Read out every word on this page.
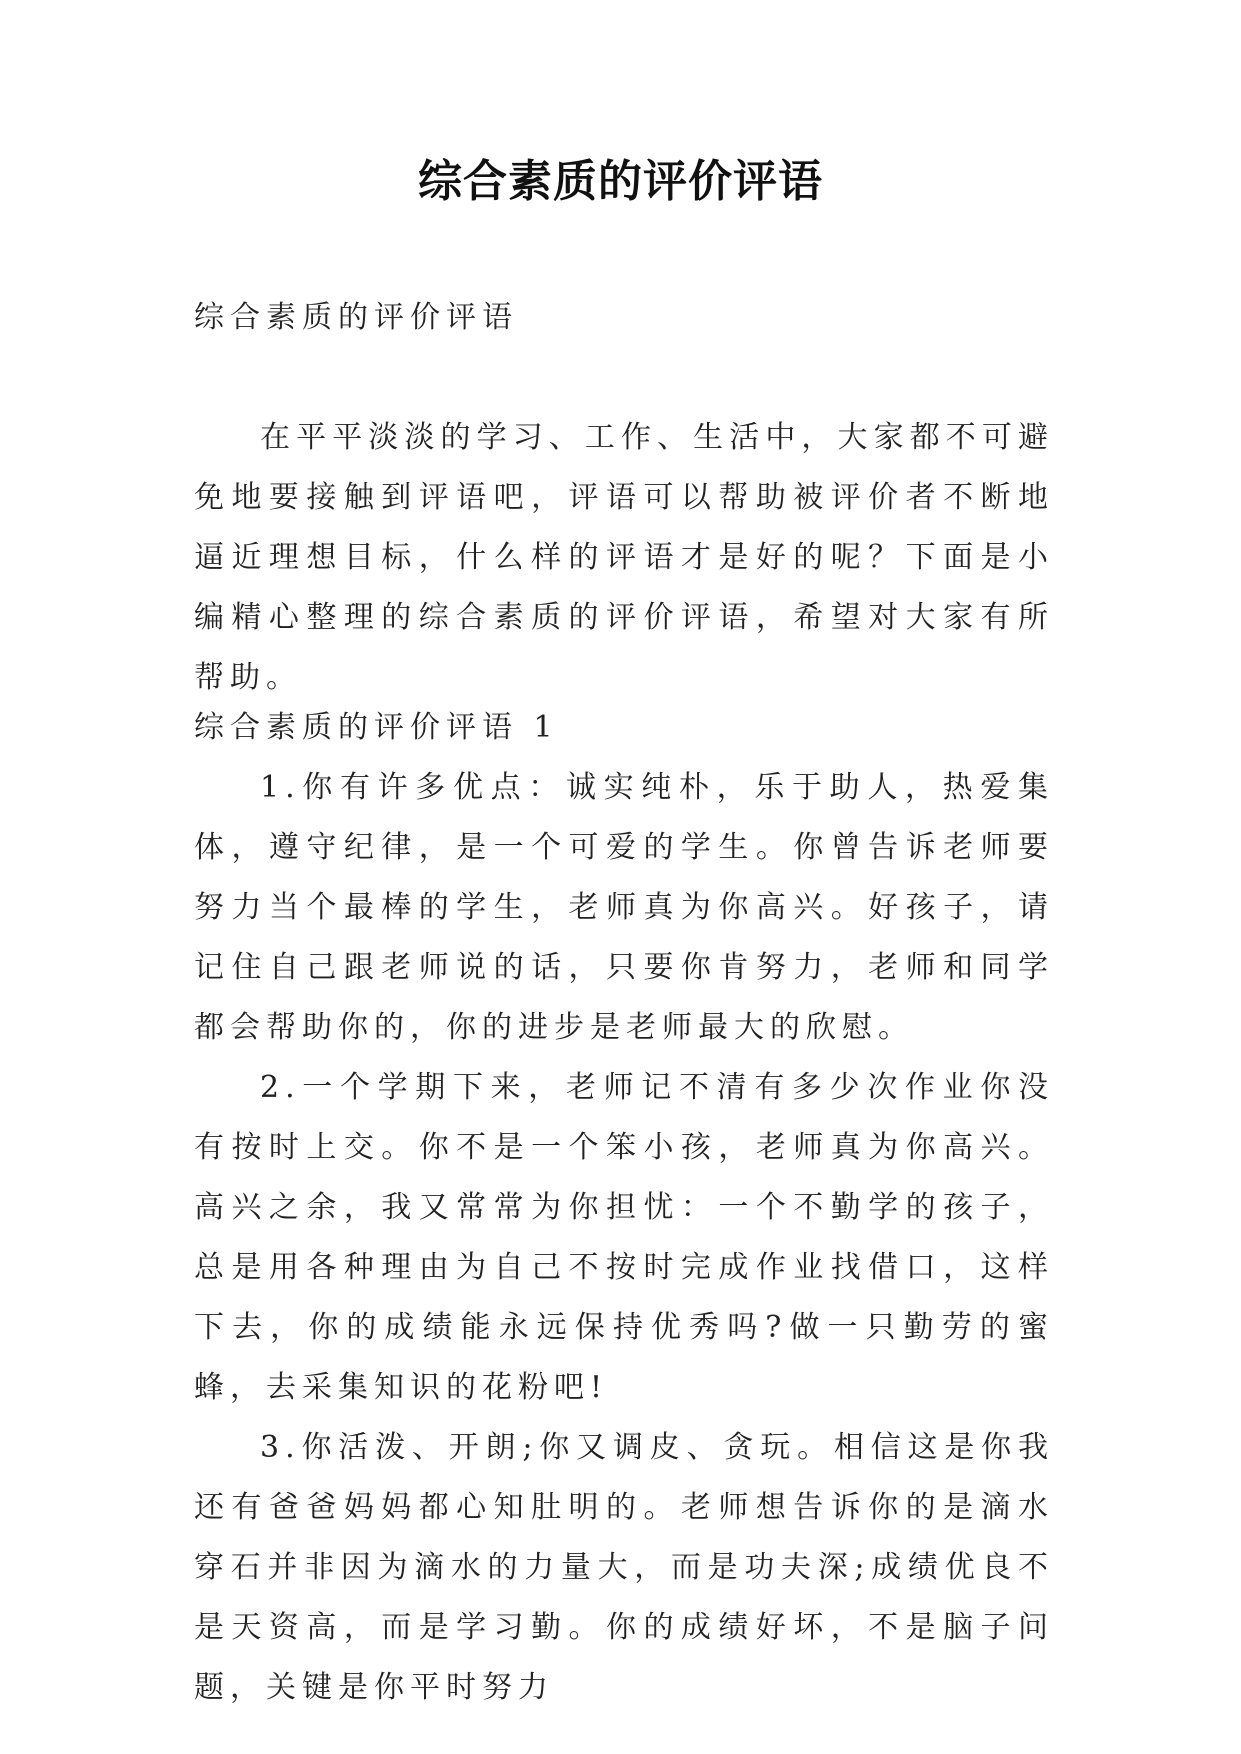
综合素质的评价评语
综合素质的评价评语

在平平淡淡的学习、工作、生活中，大家都不可避免地要接触到评语吧，评语可以帮助被评价者不断地逼近理想目标，什么样的评语才是好的呢？下面是小编精心整理的综合素质的评价评语，希望对大家有所帮助。

综合素质的评价评语 1

1.你有许多优点：诚实纯朴，乐于助人，热爱集体，遵守纪律，是一个可爱的学生。你曾告诉老师要努力当个最棒的学生，老师真为你高兴。好孩子，请记住自己跟老师说的话，只要你肯努力，老师和同学都会帮助你的，你的进步是老师最大的欣慰。

2.一个学期下来，老师记不清有多少次作业你没有按时上交。你不是一个笨小孩，老师真为你高兴。高兴之余，我又常常为你担忧：一个不勤学的孩子，总是用各种理由为自己不按时完成作业找借口，这样下去，你的成绩能永远保持优秀吗?做一只勤劳的蜜蜂，去采集知识的花粉吧!

3.你活泼、开朗;你又调皮、贪玩。相信这是你我还有爸爸妈妈都心知肚明的。老师想告诉你的是滴水穿石并非因为滴水的力量大，而是功夫深;成绩优良不是天资高，而是学习勤。你的成绩好坏，不是脑子问题，关键是你平时努力
